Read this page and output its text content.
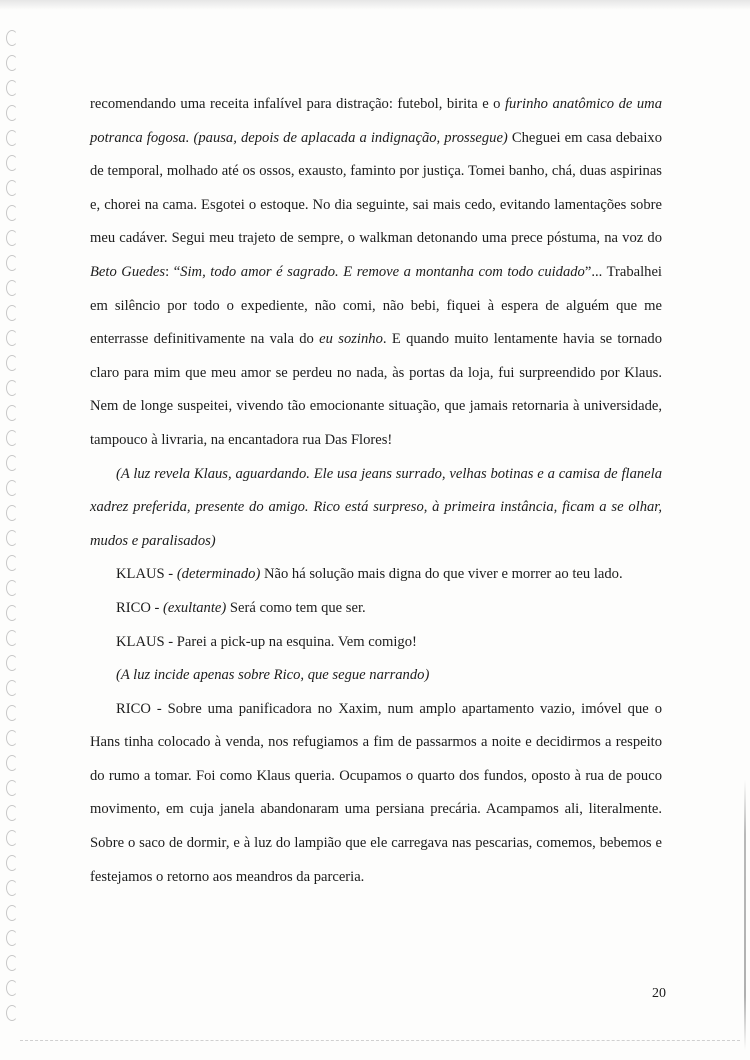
recomendando uma receita infalível para distração: futebol, birita e o furinho anatômico de uma potranca fogosa. (pausa, depois de aplacada a indignação, prossegue) Cheguei em casa debaixo de temporal, molhado até os ossos, exausto, faminto por justiça. Tomei banho, chá, duas aspirinas e, chorei na cama. Esgotei o estoque. No dia seguinte, sai mais cedo, evitando lamentações sobre meu cadáver. Segui meu trajeto de sempre, o walkman detonando uma prece póstuma, na voz do Beto Guedes: “Sim, todo amor é sagrado. E remove a montanha com todo cuidado”... Trabalhei em silêncio por todo o expediente, não comi, não bebi, fiquei à espera de alguém que me enterrasse definitivamente na vala do eu sozinho. E quando muito lentamente havia se tornado claro para mim que meu amor se perdeu no nada, às portas da loja, fui surpreendido por Klaus. Nem de longe suspeitei, vivendo tão emocionante situação, que jamais retornaria à universidade, tampouco à livraria, na encantadora rua Das Flores!

(A luz revela Klaus, aguardando. Ele usa jeans surrado, velhas botinas e a camisa de flanela xadrez preferida, presente do amigo. Rico está surpreso, à primeira instância, ficam a se olhar, mudos e paralisados)

KLAUS - (determinado) Não há solução mais digna do que viver e morrer ao teu lado.

RICO - (exultante) Será como tem que ser.

KLAUS - Parei a pick-up na esquina. Vem comigo!

(A luz incide apenas sobre Rico, que segue narrando)

RICO - Sobre uma panificadora no Xaxim, num amplo apartamento vazio, imóvel que o Hans tinha colocado à venda, nos refugiamos a fim de passarmos a noite e decidirmos a respeito do rumo a tomar. Foi como Klaus queria. Ocupamos o quarto dos fundos, oposto à rua de pouco movimento, em cuja janela abandonaram uma persiana precária. Acampamos ali, literalmente. Sobre o saco de dormir, e à luz do lampião que ele carregava nas pescarias, comemos, bebemos e festejamos o retorno aos meandros da parceria.

20
